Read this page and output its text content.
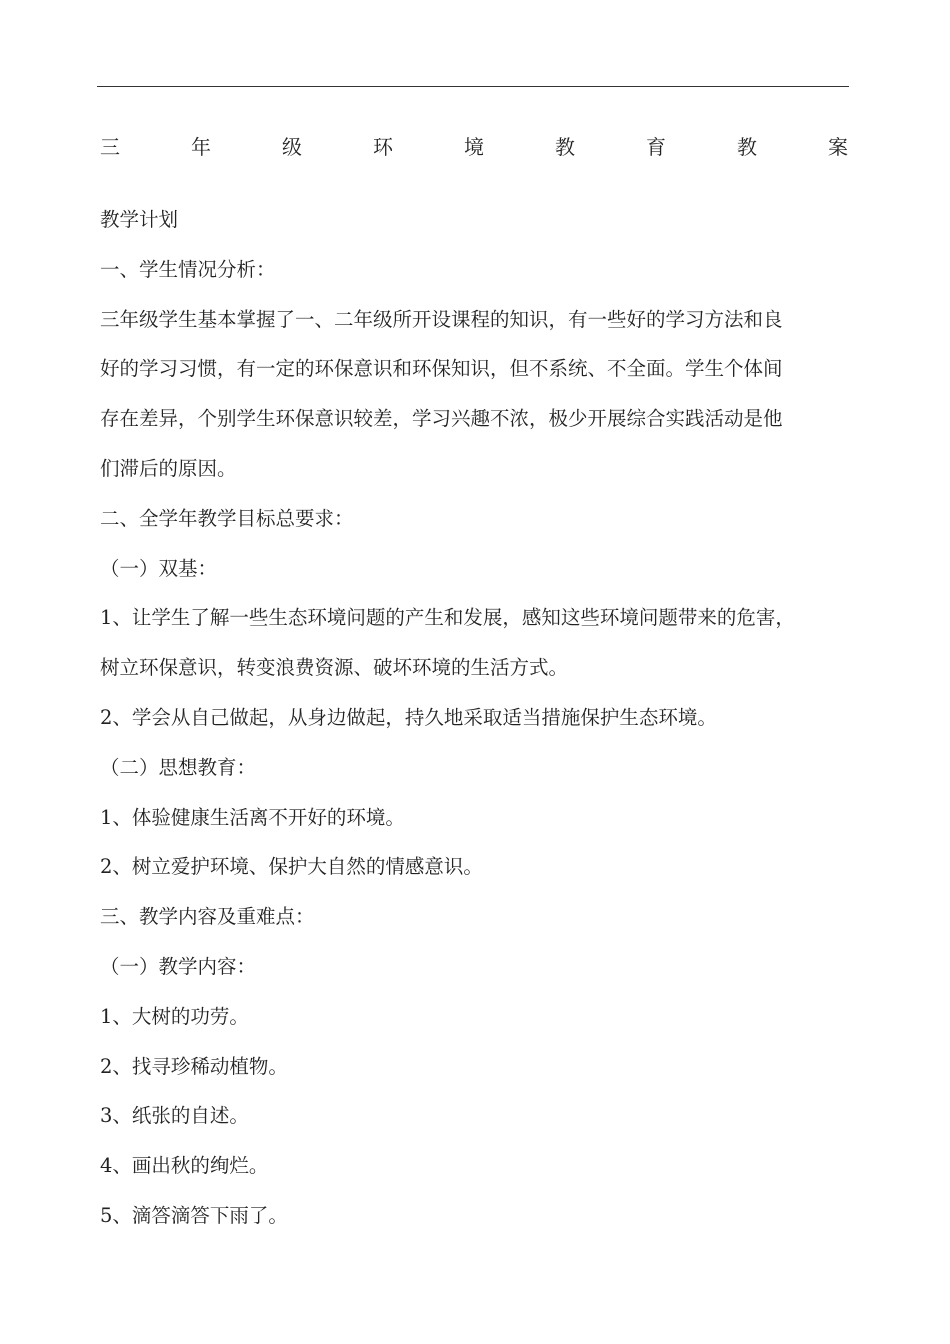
三	年	级	环	境	教	育	教	案
教学计划
一、学生情况分析：
三年级学生基本掌握了一、二年级所开设课程的知识，有一些好的学习方法和良
好的学习习惯，有一定的环保意识和环保知识，但不系统、不全面。学生个体间
存在差异，个别学生环保意识较差，学习兴趣不浓，极少开展综合实践活动是他
们滞后的原因。
二、全学年教学目标总要求：
（一）双基：
1、让学生了解一些生态环境问题的产生和发展，感知这些环境问题带来的危害，
树立环保意识，转变浪费资源、破坏环境的生活方式。
2、学会从自己做起，从身边做起，持久地采取适当措施保护生态环境。
（二）思想教育：
1、体验健康生活离不开好的环境。
2、树立爱护环境、保护大自然的情感意识。
三、教学内容及重难点：
（一）教学内容：
1、大树的功劳。
2、找寻珍稀动植物。
3、纸张的自述。
4、画出秋的绚烂。
5、滴答滴答下雨了。
